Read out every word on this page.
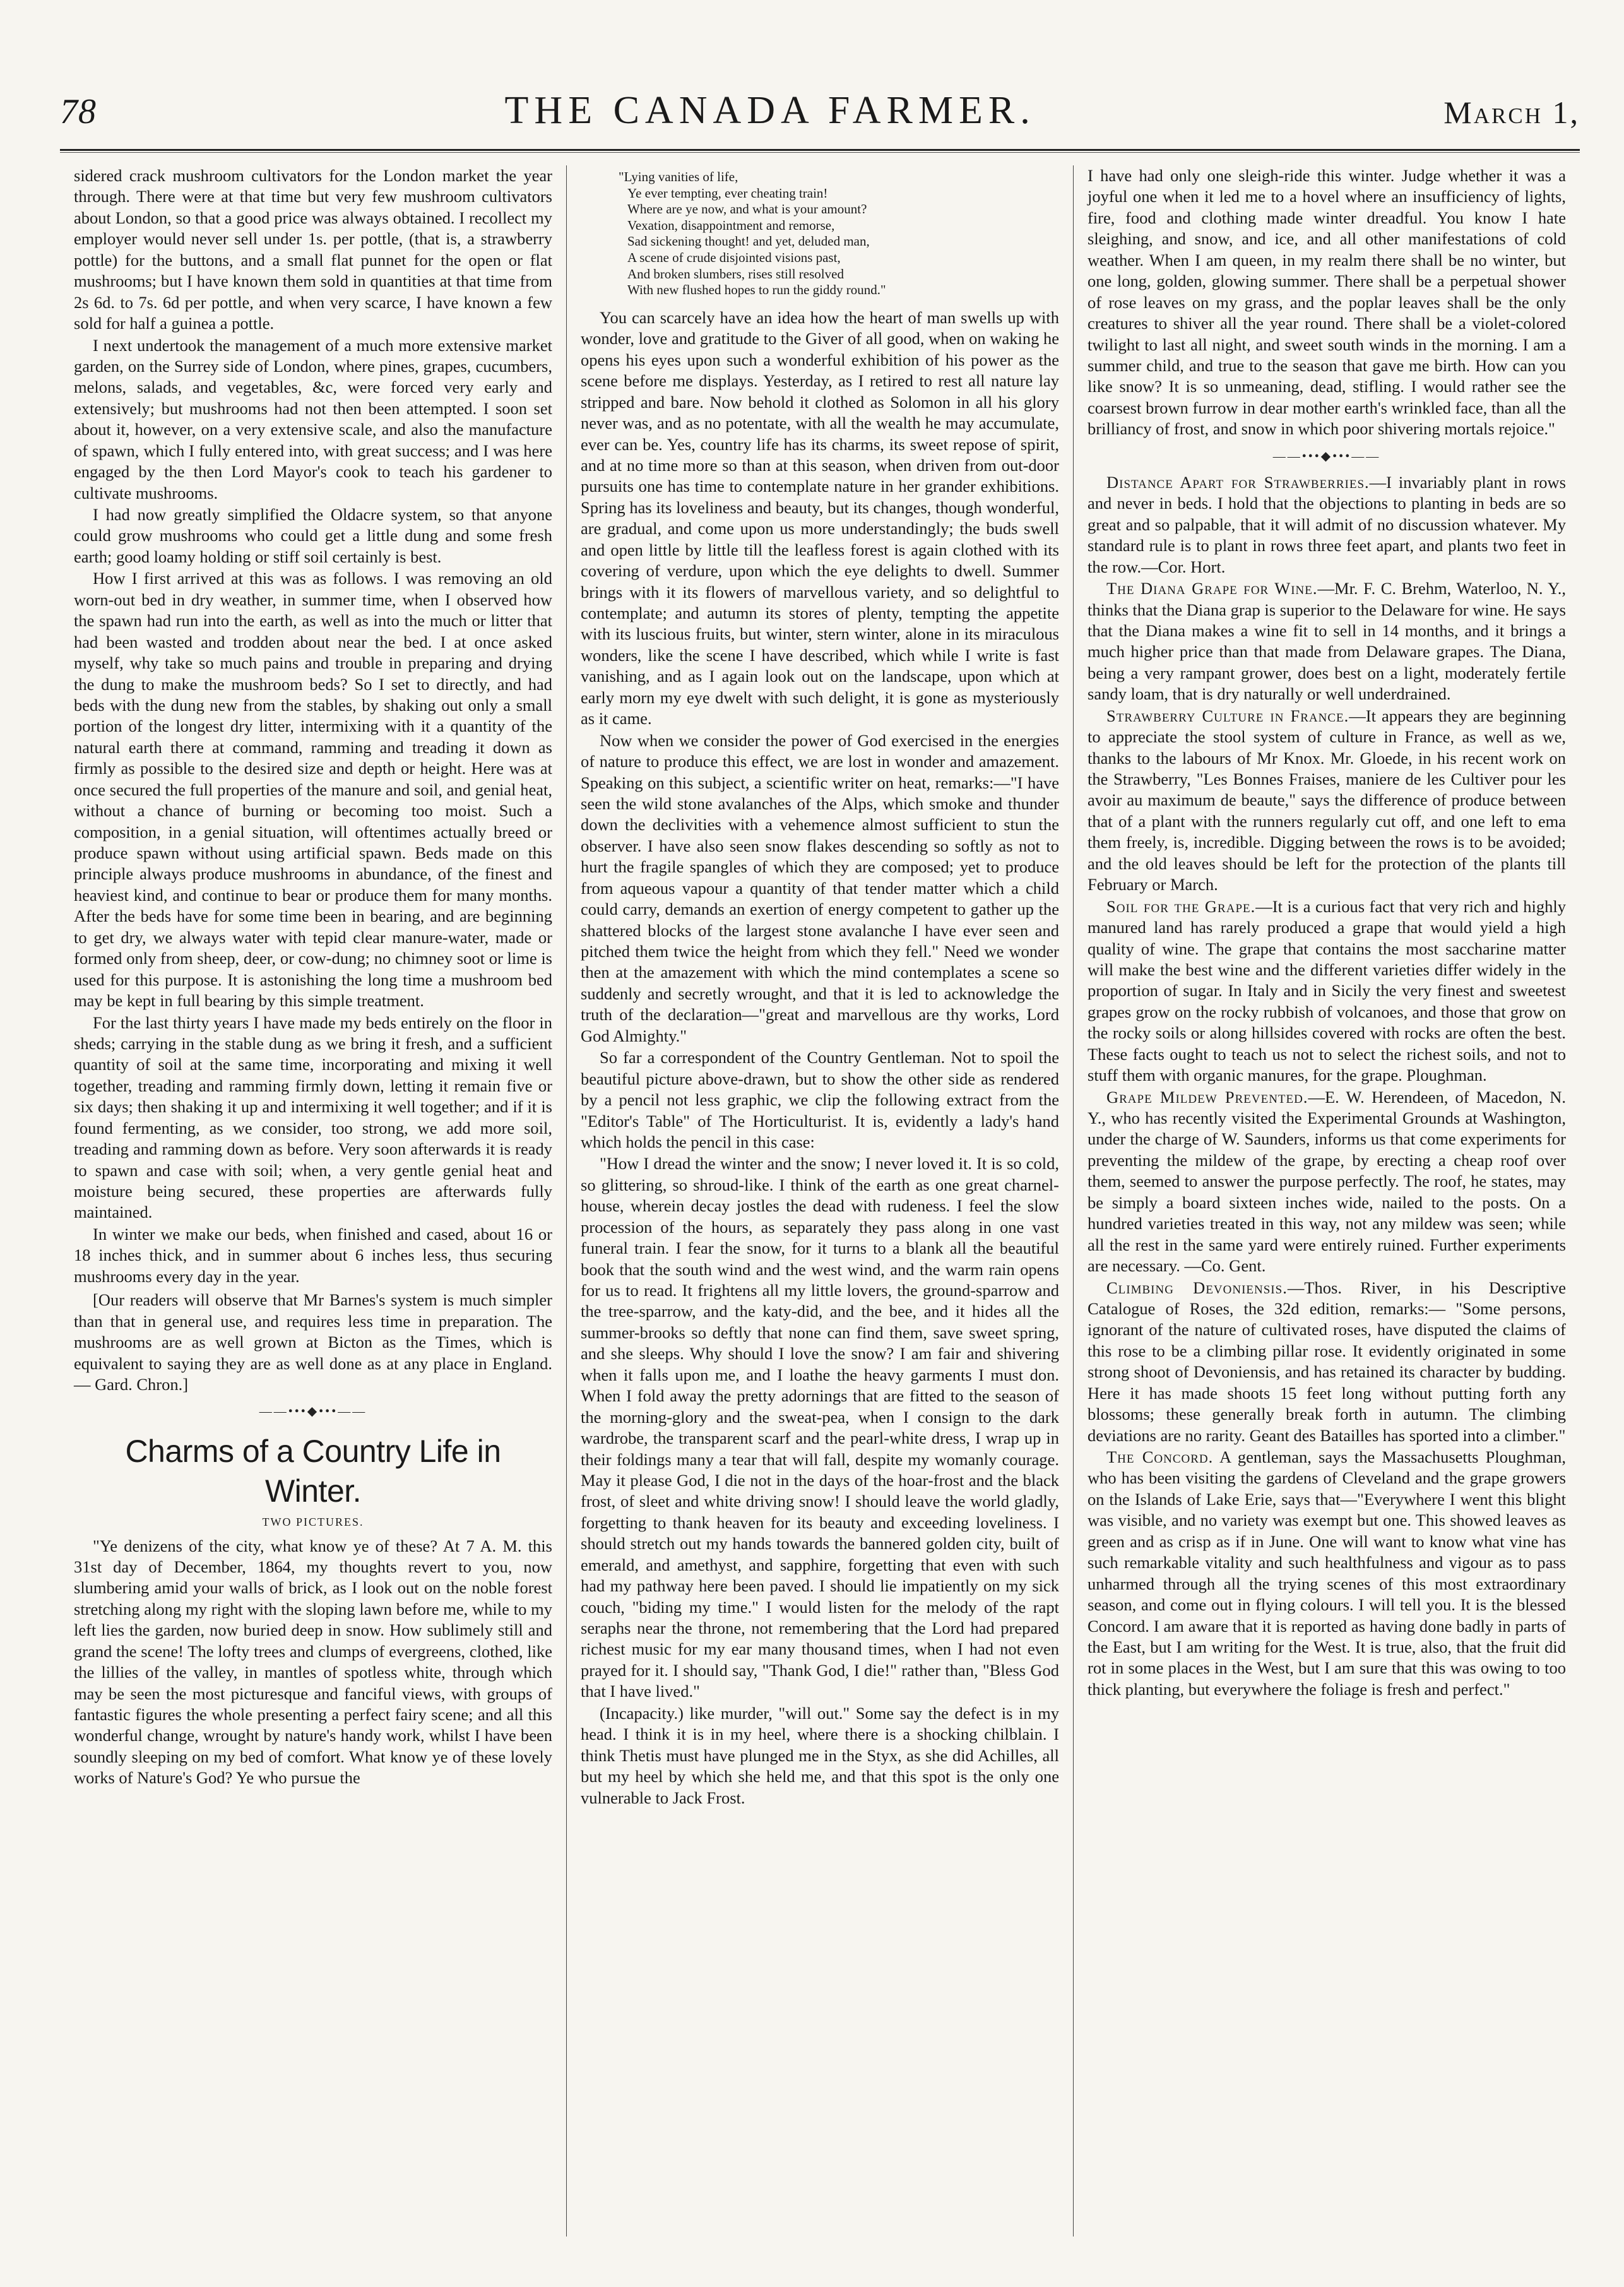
78	THE CANADA FARMER.	March 1,

sidered crack mushroom cultivators for the London market the year through. There were at that time but very few mushroom cultivators about London, so that a good price was always obtained. I recollect my employer would never sell under 1s. per pottle, (that is, a strawberry pottle) for the buttons, and a small flat punnet for the open or flat mushrooms; but I have known them sold in quantities at that time from 2s 6d. to 7s. 6d per pottle, and when very scarce, I have known a few sold for half a guinea a pottle.

I next undertook the management of a much more extensive market garden, on the Surrey side of London, where pines, grapes, cucumbers, melons, salads, and vegetables, &c, were forced very early and extensively; but mushrooms had not then been attempted. I soon set about it, however, on a very extensive scale, and also the manufacture of spawn, which I fully entered into, with great success; and I was here engaged by the then Lord Mayor's cook to teach his gardener to cultivate mushrooms.

I had now greatly simplified the Oldacre system, so that anyone could grow mushrooms who could get a little dung and some fresh earth; good loamy holding or stiff soil certainly is best.

How I first arrived at this was as follows. I was removing an old worn-out bed in dry weather, in summer time, when I observed how the spawn had run into the earth, as well as into the much or litter that had been wasted and trodden about near the bed. I at once asked myself, why take so much pains and trouble in preparing and drying the dung to make the mushroom beds? So I set to directly, and had beds with the dung new from the stables, by shaking out only a small portion of the longest dry litter, intermixing with it a quantity of the natural earth there at command, ramming and treading it down as firmly as possible to the desired size and depth or height. Here was at once secured the full properties of the manure and soil, and genial heat, without a chance of burning or becoming too moist. Such a composition, in a genial situation, will oftentimes actually breed or produce spawn without using artificial spawn. Beds made on this principle always produce mushrooms in abundance, of the finest and heaviest kind, and continue to bear or produce them for many months. After the beds have for some time been in bearing, and are beginning to get dry, we always water with tepid clear manure-water, made or formed only from sheep, deer, or cow-dung; no chimney soot or lime is used for this purpose. It is astonishing the long time a mushroom bed may be kept in full bearing by this simple treatment.

For the last thirty years I have made my beds entirely on the floor in sheds; carrying in the stable dung as we bring it fresh, and a sufficient quantity of soil at the same time, incorporating and mixing it well together, treading and ramming firmly down, letting it remain five or six days; then shaking it up and intermixing it well together; and if it is found fermenting, as we consider, too strong, we add more soil, treading and ramming down as before. Very soon afterwards it is ready to spawn and case with soil; when, a very gentle genial heat and moisture being secured, these properties are afterwards fully maintained.

In winter we make our beds, when finished and cased, about 16 or 18 inches thick, and in summer about 6 inches less, thus securing mushrooms every day in the year.

[Our readers will observe that Mr Barnes's system is much simpler than that in general use, and requires less time in preparation. The mushrooms are as well grown at Bicton as the Times, which is equivalent to saying they are as well done as at any place in England. — Gard. Chron.]

——•••◆•••——
Charms of a Country Life in Winter.
TWO PICTURES.

"Ye denizens of the city, what know ye of these? At 7 A. M. this 31st day of December, 1864, my thoughts revert to you, now slumbering amid your walls of brick, as I look out on the noble forest stretching along my right with the sloping lawn before me, while to my left lies the garden, now buried deep in snow. How sublimely still and grand the scene! The lofty trees and clumps of evergreens, clothed, like the lillies of the valley, in mantles of spotless white, through which may be seen the most picturesque and fanciful views, with groups of fantastic figures the whole presenting a perfect fairy scene; and all this wonderful change, wrought by nature's handy work, whilst I have been soundly sleeping on my bed of comfort. What know ye of these lovely works of Nature's God? Ye who pursue the

"Lying vanities of life,
Ye ever tempting, ever cheating train!
Where are ye now, and what is your amount?
Vexation, disappointment and remorse,
Sad sickening thought! and yet, deluded man,
A scene of crude disjointed visions past,
And broken slumbers, rises still resolved
With new flushed hopes to run the giddy round."

You can scarcely have an idea how the heart of man swells up with wonder, love and gratitude to the Giver of all good, when on waking he opens his eyes upon such a wonderful exhibition of his power as the scene before me displays. Yesterday, as I retired to rest all nature lay stripped and bare. Now behold it clothed as Solomon in all his glory never was, and as no potentate, with all the wealth he may accumulate, ever can be. Yes, country life has its charms, its sweet repose of spirit, and at no time more so than at this season, when driven from out-door pursuits one has time to contemplate nature in her grander exhibitions. Spring has its loveliness and beauty, but its changes, though wonderful, are gradual, and come upon us more understandingly; the buds swell and open little by little till the leafless forest is again clothed with its covering of verdure, upon which the eye delights to dwell. Summer brings with it its flowers of marvellous variety, and so delightful to contemplate; and autumn its stores of plenty, tempting the appetite with its luscious fruits, but winter, stern winter, alone in its miraculous wonders, like the scene I have described, which while I write is fast vanishing, and as I again look out on the landscape, upon which at early morn my eye dwelt with such delight, it is gone as mysteriously as it came.

Now when we consider the power of God exercised in the energies of nature to produce this effect, we are lost in wonder and amazement. Speaking on this subject, a scientific writer on heat, remarks:—"I have seen the wild stone avalanches of the Alps, which smoke and thunder down the declivities with a vehemence almost sufficient to stun the observer. I have also seen snow flakes descending so softly as not to hurt the fragile spangles of which they are composed; yet to produce from aqueous vapour a quantity of that tender matter which a child could carry, demands an exertion of energy competent to gather up the shattered blocks of the largest stone avalanche I have ever seen and pitched them twice the height from which they fell." Need we wonder then at the amazement with which the mind contemplates a scene so suddenly and secretly wrought, and that it is led to acknowledge the truth of the declaration—"great and marvellous are thy works, Lord God Almighty."

So far a correspondent of the Country Gentleman. Not to spoil the beautiful picture above-drawn, but to show the other side as rendered by a pencil not less graphic, we clip the following extract from the "Editor's Table" of The Horticulturist. It is, evidently a lady's hand which holds the pencil in this case:

"How I dread the winter and the snow; I never loved it. It is so cold, so glittering, so shroud-like. I think of the earth as one great charnel-house, wherein decay jostles the dead with rudeness. I feel the slow procession of the hours, as separately they pass along in one vast funeral train. I fear the snow, for it turns to a blank all the beautiful book that the south wind and the west wind, and the warm rain opens for us to read. It frightens all my little lovers, the ground-sparrow and the tree-sparrow, and the katy-did, and the bee, and it hides all the summer-brooks so deftly that none can find them, save sweet spring, and she sleeps. Why should I love the snow? I am fair and shivering when it falls upon me, and I loathe the heavy garments I must don. When I fold away the pretty adornings that are fitted to the season of the morning-glory and the sweat-pea, when I consign to the dark wardrobe, the transparent scarf and the pearl-white dress, I wrap up in their foldings many a tear that will fall, despite my womanly courage. May it please God, I die not in the days of the hoar-frost and the black frost, of sleet and white driving snow! I should leave the world gladly, forgetting to thank heaven for its beauty and exceeding loveliness. I should stretch out my hands towards the bannered golden city, built of emerald, and amethyst, and sapphire, forgetting that even with such had my pathway here been paved. I should lie impatiently on my sick couch, "biding my time." I would listen for the melody of the rapt seraphs near the throne, not remembering that the Lord had prepared richest music for my ear many thousand times, when I had not even prayed for it. I should say, "Thank God, I die!" rather than, "Bless God that I have lived."

(Incapacity.) like murder, "will out." Some say the defect is in my head. I think it is in my heel, where there is a shocking chilblain. I think Thetis must have plunged me in the Styx, as she did Achilles, all but my heel by which she held me, and that this spot is the only one vulnerable to Jack Frost.

I have had only one sleigh-ride this winter. Judge whether it was a joyful one when it led me to a hovel where an insufficiency of lights, fire, food and clothing made winter dreadful. You know I hate sleighing, and snow, and ice, and all other manifestations of cold weather. When I am queen, in my realm there shall be no winter, but one long, golden, glowing summer. There shall be a perpetual shower of rose leaves on my grass, and the poplar leaves shall be the only creatures to shiver all the year round. There shall be a violet-colored twilight to last all night, and sweet south winds in the morning. I am a summer child, and true to the season that gave me birth. How can you like snow? It is so unmeaning, dead, stifling. I would rather see the coarsest brown furrow in dear mother earth's wrinkled face, than all the brilliancy of frost, and snow in which poor shivering mortals rejoice."

——•••◆•••——

Distance Apart for Strawberries.—I invariably plant in rows and never in beds. I hold that the objections to planting in beds are so great and so palpable, that it will admit of no discussion whatever. My standard rule is to plant in rows three feet apart, and plants two feet in the row.—Cor. Hort.

The Diana Grape for Wine.—Mr. F. C. Brehm, Waterloo, N. Y., thinks that the Diana grap is superior to the Delaware for wine. He says that the Diana makes a wine fit to sell in 14 months, and it brings a much higher price than that made from Delaware grapes. The Diana, being a very rampant grower, does best on a light, moderately fertile sandy loam, that is dry naturally or well underdrained.

Strawberry Culture in France.—It appears they are beginning to appreciate the stool system of culture in France, as well as we, thanks to the labours of Mr Knox. Mr. Gloede, in his recent work on the Strawberry, "Les Bonnes Fraises, maniere de les Cultiver pour les avoir au maximum de beaute," says the difference of produce between that of a plant with the runners regularly cut off, and one left to ema them freely, is, incredible. Digging between the rows is to be avoided; and the old leaves should be left for the protection of the plants till February or March.

Soil for the Grape.—It is a curious fact that very rich and highly manured land has rarely produced a grape that would yield a high quality of wine. The grape that contains the most saccharine matter will make the best wine and the different varieties differ widely in the proportion of sugar. In Italy and in Sicily the very finest and sweetest grapes grow on the rocky rubbish of volcanoes, and those that grow on the rocky soils or along hillsides covered with rocks are often the best. These facts ought to teach us not to select the richest soils, and not to stuff them with organic manures, for the grape. Ploughman.

Grape Mildew Prevented.—E. W. Herendeen, of Macedon, N. Y., who has recently visited the Experimental Grounds at Washington, under the charge of W. Saunders, informs us that come experiments for preventing the mildew of the grape, by erecting a cheap roof over them, seemed to answer the purpose perfectly. The roof, he states, may be simply a board sixteen inches wide, nailed to the posts. On a hundred varieties treated in this way, not any mildew was seen; while all the rest in the same yard were entirely ruined. Further experiments are necessary. —Co. Gent.

Climbing Devoniensis.—Thos. River, in his Descriptive Catalogue of Roses, the 32d edition, remarks:— "Some persons, ignorant of the nature of cultivated roses, have disputed the claims of this rose to be a climbing pillar rose. It evidently originated in some strong shoot of Devoniensis, and has retained its character by budding. Here it has made shoots 15 feet long without putting forth any blossoms; these generally break forth in autumn. The climbing deviations are no rarity. Geant des Batailles has sported into a climber."

The Concord. A gentleman, says the Massachusetts Ploughman, who has been visiting the gardens of Cleveland and the grape growers on the Islands of Lake Erie, says that—"Everywhere I went this blight was visible, and no variety was exempt but one. This showed leaves as green and as crisp as if in June. One will want to know what vine has such remarkable vitality and such healthfulness and vigour as to pass unharmed through all the trying scenes of this most extraordinary season, and come out in flying colours. I will tell you. It is the blessed Concord. I am aware that it is reported as having done badly in parts of the East, but I am writing for the West. It is true, also, that the fruit did rot in some places in the West, but I am sure that this was owing to too thick planting, but everywhere the foliage is fresh and perfect."
